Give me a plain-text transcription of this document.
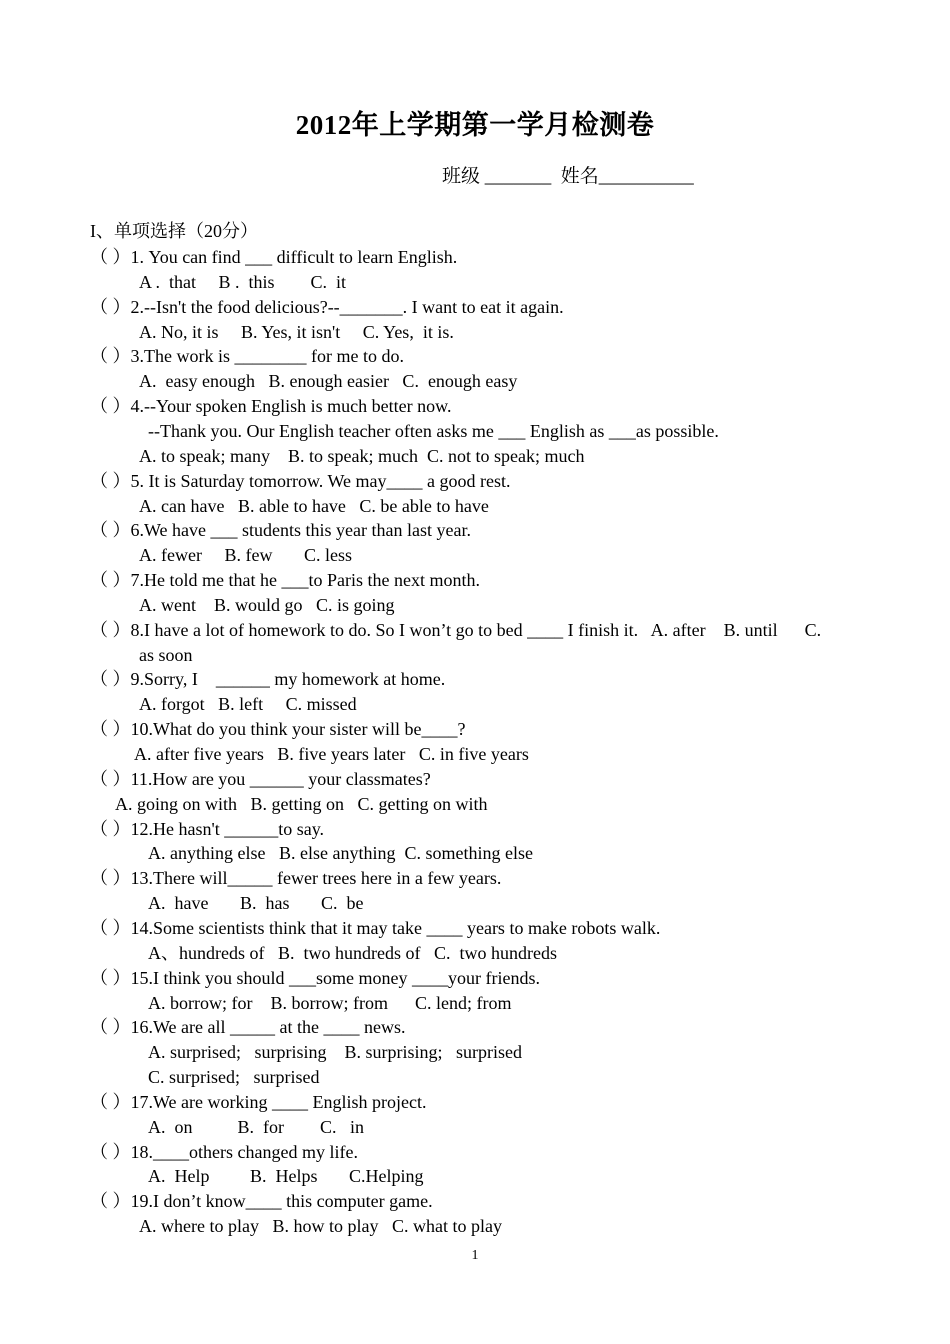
2012年上学期第一学月检测卷
班级 _______  姓名__________
I、单项选择（20分）
（ ）1. You can find ___ difficult to learn English.
A .  that     B .  this        C.  it
（ ）2.--Isn't the food delicious?--_______. I want to eat it again.
A. No, it is     B. Yes, it isn't     C. Yes,  it is.
（ ）3.The work is ________ for me to do.
A.  easy enough   B. enough easier   C.  enough easy
（ ）4.--Your spoken English is much better now.
--Thank you. Our English teacher often asks me ___ English as ___as possible.
A. to speak; many    B. to speak; much  C. not to speak; much
（ ）5. It is Saturday tomorrow. We may____ a good rest.
A. can have   B. able to have   C. be able to have
（ ）6.We have ___ students this year than last year.
A. fewer     B. few       C. less
（ ）7.He told me that he ___to Paris the next month.
A. went    B. would go   C. is going
（ ）8.I have a lot of homework to do. So I won’t go to bed ____ I finish it.   A. after    B. until      C.
as soon
（ ）9.Sorry, I    ______ my homework at home.
A. forgot   B. left     C. missed
（ ）10.What do you think your sister will be____?
A. after five years   B. five years later   C. in five years
（ ）11.How are you ______ your classmates?
A. going on with   B. getting on   C. getting on with
（ ）12.He hasn't ______to say.
A. anything else   B. else anything  C. something else
（ ）13.There will_____ fewer trees here in a few years.
A.  have       B.  has       C.  be
（ ）14.Some scientists think that it may take ____ years to make robots walk.
A、hundreds of   B.  two hundreds of   C.  two hundreds
（ ）15.I think you should ___some money ____your friends.
A. borrow; for    B. borrow; from      C. lend; from
（ ）16.We are all _____ at the ____ news.
A. surprised;   surprising    B. surprising;   surprised
C. surprised;   surprised
（ ）17.We are working ____ English project.
A.  on          B.  for        C.   in
（ ）18.____others changed my life.
A.  Help         B.  Helps       C.Helping
（ ）19.I don’t know____ this computer game.
A. where to play   B. how to play   C. what to play
1
